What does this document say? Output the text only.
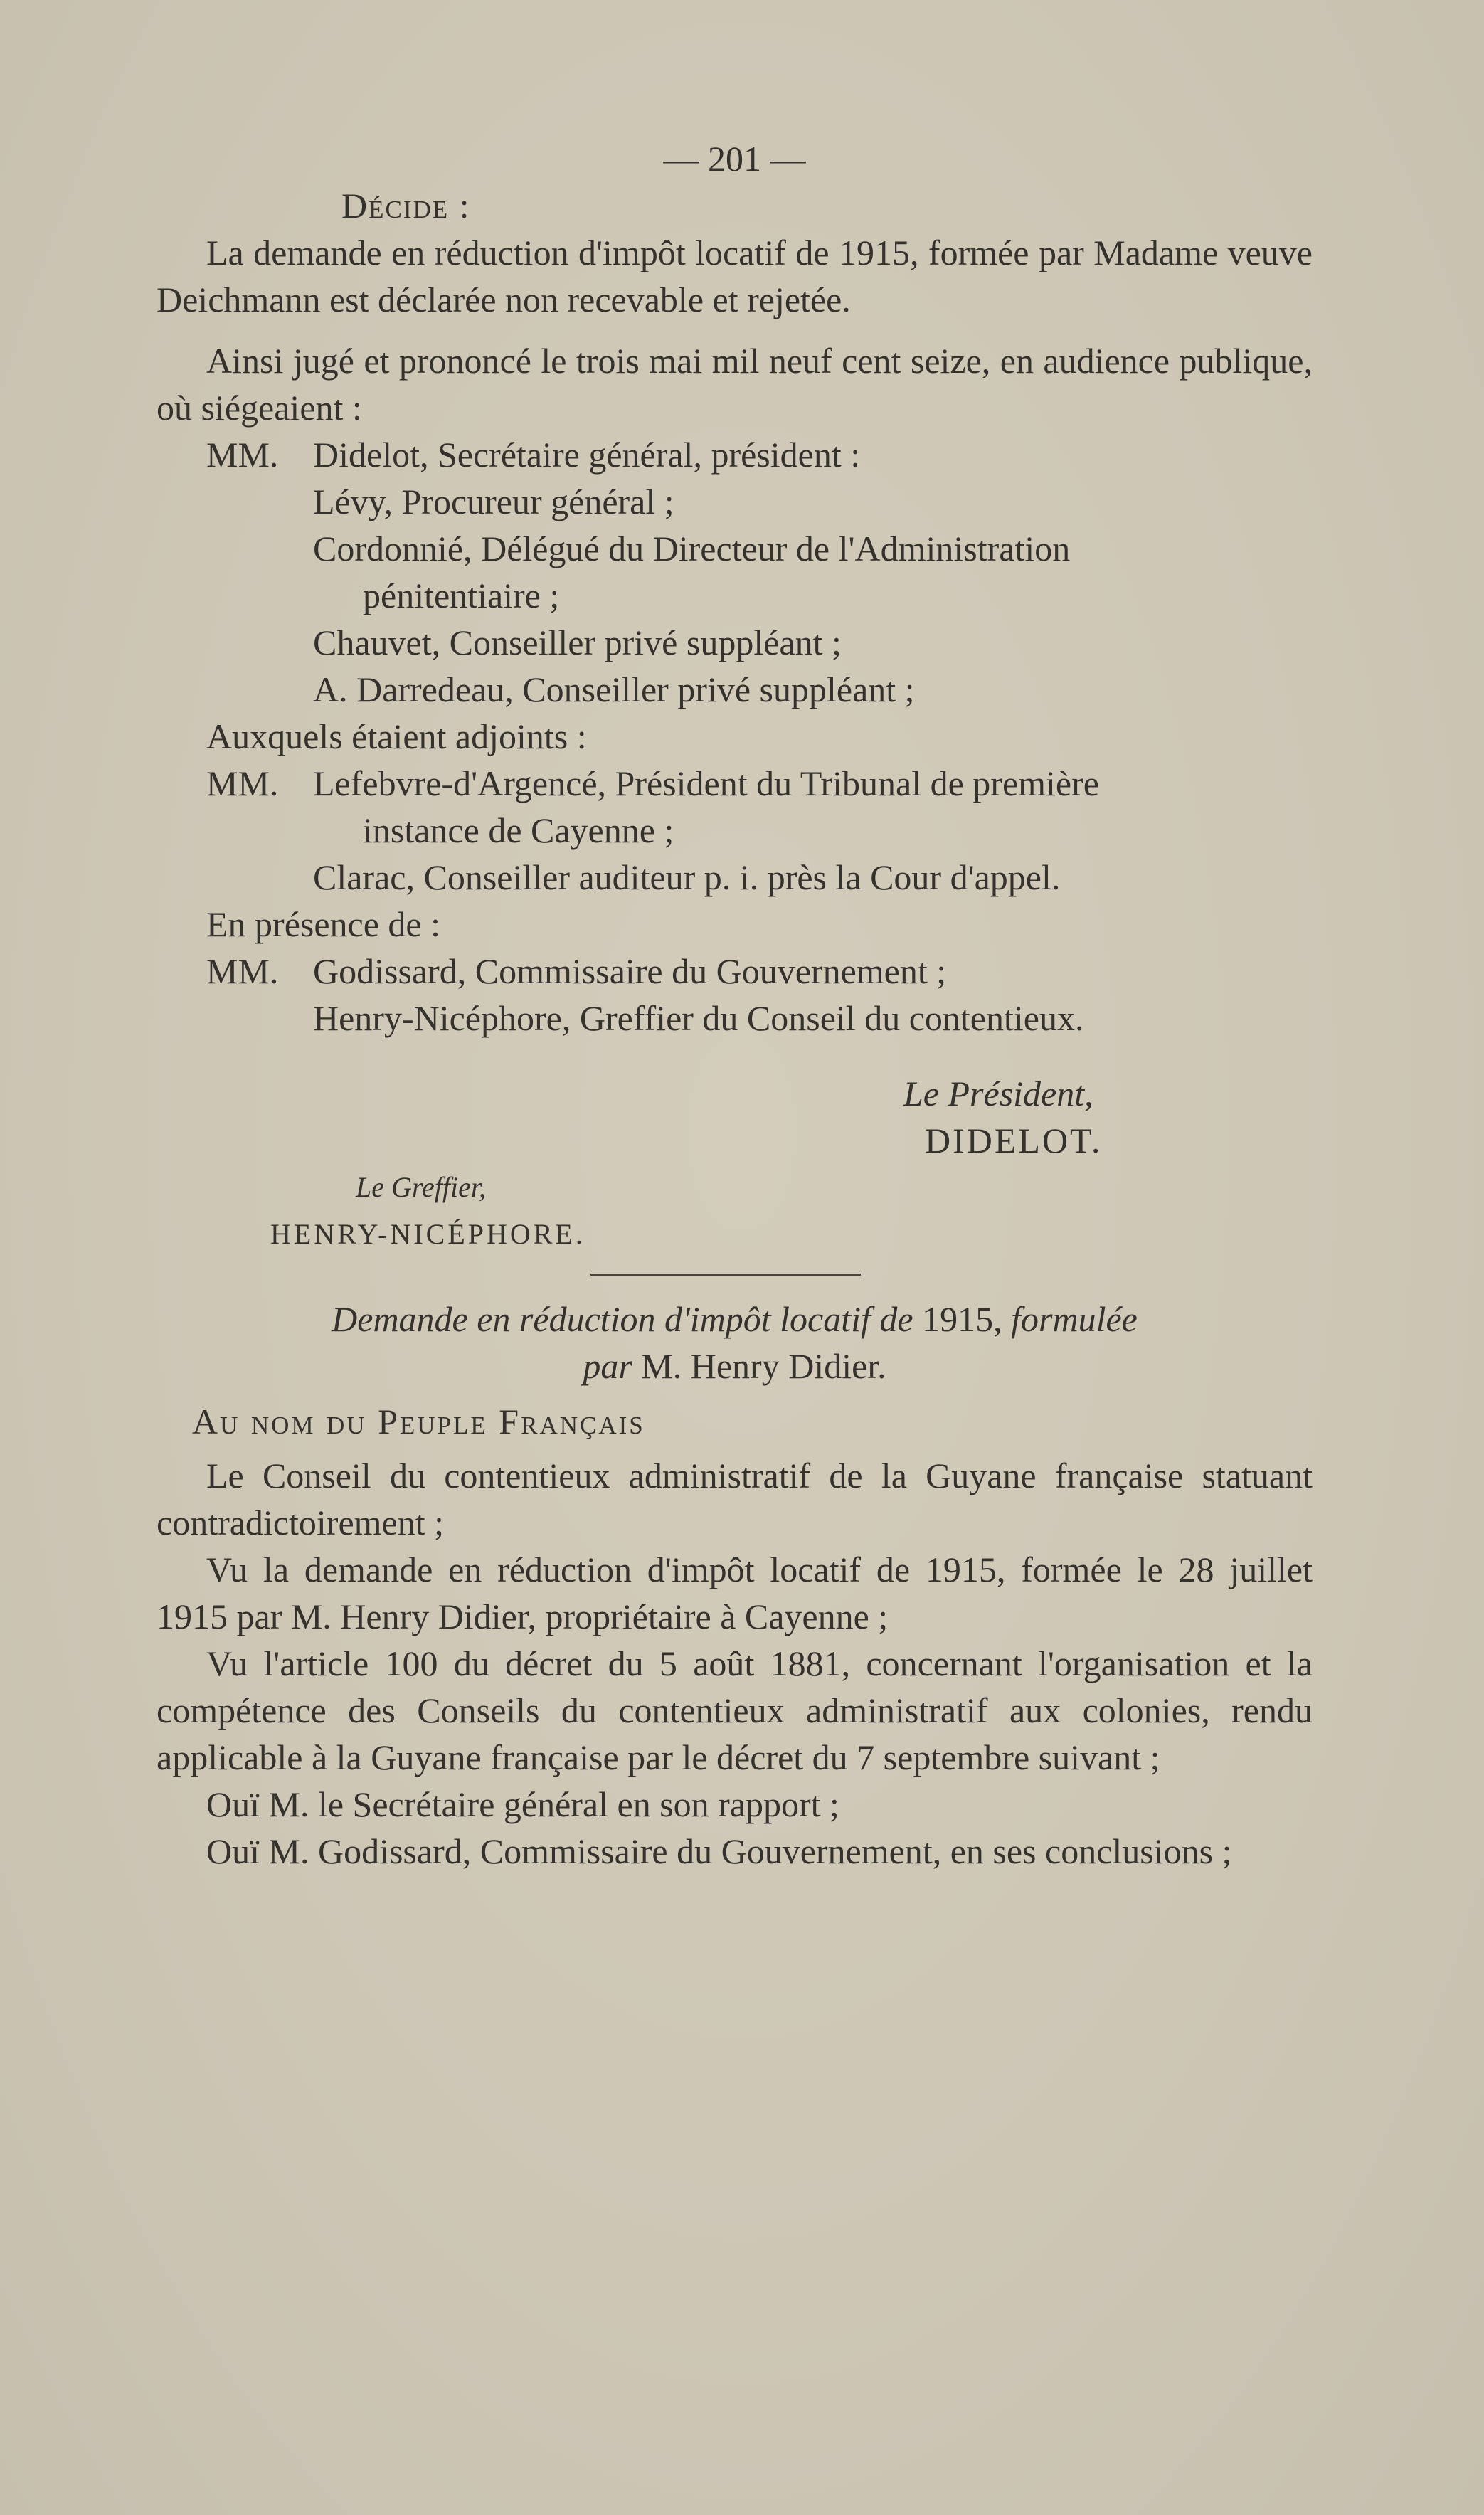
— 201 —

Décide :

La demande en réduction d'impôt locatif de 1915, formée par Madame veuve Deichmann est déclarée non recevable et rejetée.

Ainsi jugé et prononcé le trois mai mil neuf cent seize, en audience publique, où siégeaient :

MM. Didelot, Secrétaire général, président :

Lévy, Procureur général ;

Cordonnié, Délégué du Directeur de l'Administration

pénitentiaire ;

Chauvet, Conseiller privé suppléant ;

A. Darredeau, Conseiller privé suppléant ;

Auxquels étaient adjoints :

MM. Lefebvre-d'Argencé, Président du Tribunal de première

instance de Cayenne ;

Clarac, Conseiller auditeur p. i. près la Cour d'appel.

En présence de :

MM. Godissard, Commissaire du Gouvernement ;

Henry-Nicéphore, Greffier du Conseil du contentieux.

Le Président,

DIDELOT.

Le Greffier,

HENRY-NICÉPHORE.

Demande en réduction d'impôt locatif de 1915, formulée

par M. Henry Didier.

Au nom du Peuple Français

Le Conseil du contentieux administratif de la Guyane française statuant contradictoirement ;

Vu la demande en réduction d'impôt locatif de 1915, formée le 28 juillet 1915 par M. Henry Didier, propriétaire à Cayenne ;

Vu l'article 100 du décret du 5 août 1881, concernant l'organisation et la compétence des Conseils du contentieux administratif aux colonies, rendu applicable à la Guyane française par le décret du 7 septembre suivant ;

Ouï M. le Secrétaire général en son rapport ;

Ouï M. Godissard, Commissaire du Gouvernement, en ses conclusions ;
